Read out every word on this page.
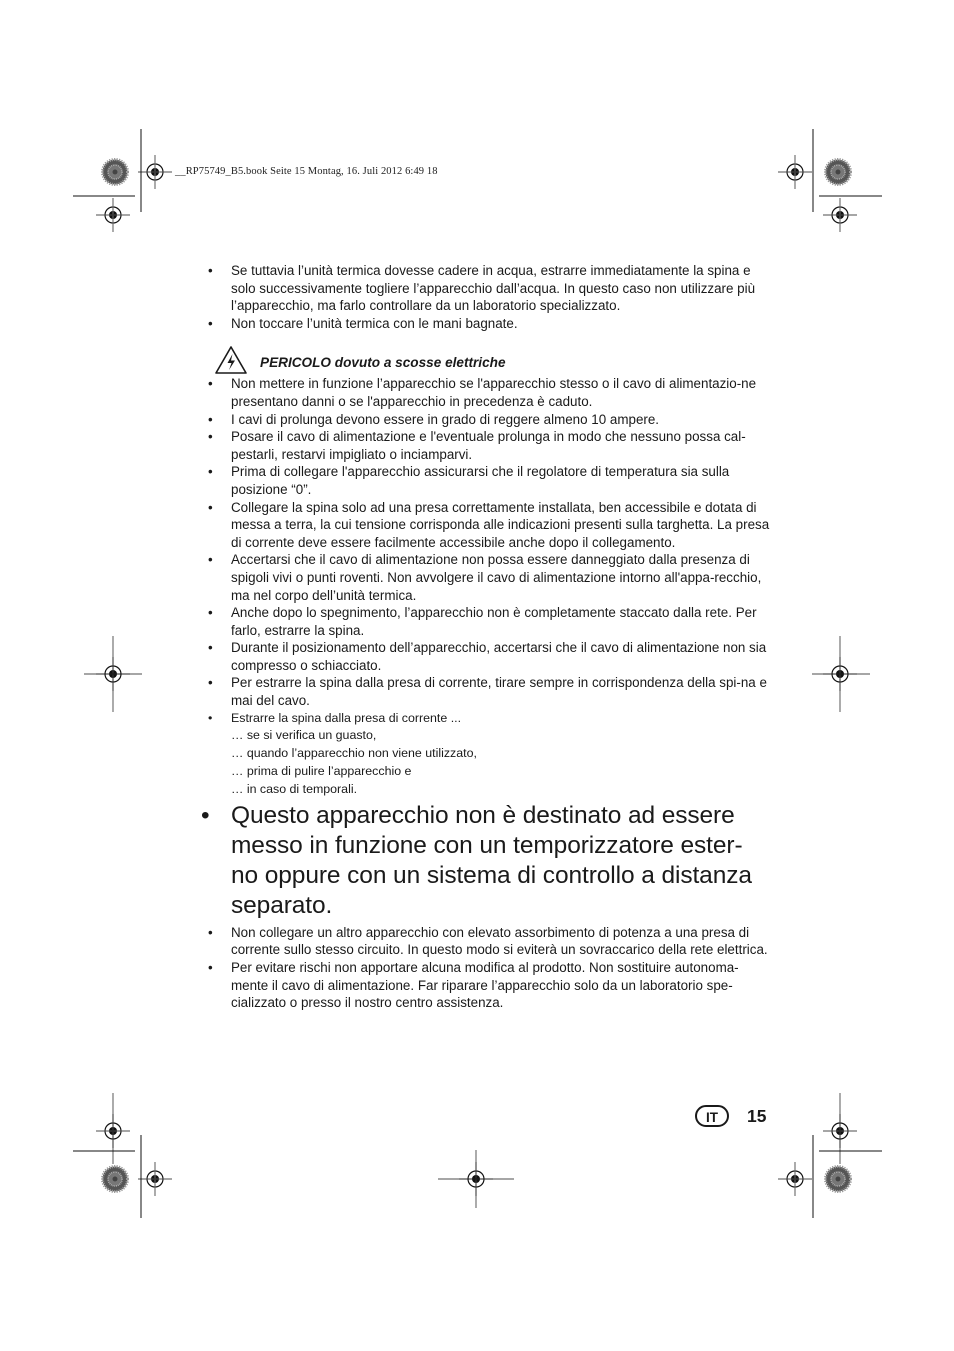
__RP75749_B5.book Seite 15 Montag, 16. Juli 2012 6:49 18
• Se tuttavia l’unità termica dovesse cadere in acqua, estrarre immediatamente la spina e solo successivamente togliere l’apparecchio dall’acqua. In questo caso non utilizzare più l’apparecchio, ma farlo controllare da un laboratorio specializzato.
• Non toccare l’unità termica con le mani bagnate.
PERICOLO dovuto a scosse elettriche
• Non mettere in funzione l’apparecchio se l'apparecchio stesso o il cavo di alimentazio-ne presentano danni o se l'apparecchio in precedenza è caduto.
• I cavi di prolunga devono essere in grado di reggere almeno 10 ampere.
• Posare il cavo di alimentazione e l'eventuale prolunga in modo che nessuno possa cal-pestarli, restarvi impigliato o inciamparvi.
• Prima di collegare l'apparecchio assicurarsi che il regolatore di temperatura sia sulla posizione “0”.
• Collegare la spina solo ad una presa correttamente installata, ben accessibile e dotata di messa a terra, la cui tensione corrisponda alle indicazioni presenti sulla targhetta. La presa di corrente deve essere facilmente accessibile anche dopo il collegamento.
• Accertarsi che il cavo di alimentazione non possa essere danneggiato dalla presenza di spigoli vivi o punti roventi. Non avvolgere il cavo di alimentazione intorno all'appa-recchio, ma nel corpo dell’unità termica.
• Anche dopo lo spegnimento, l’apparecchio non è completamente staccato dalla rete. Per farlo, estrarre la spina.
• Durante il posizionamento dell’apparecchio, accertarsi che il cavo di alimentazione non sia compresso o schiacciato.
• Per estrarre la spina dalla presa di corrente, tirare sempre in corrispondenza della spi-na e mai del cavo.
• Estrarre la spina dalla presa di corrente ...
… se si verifica un guasto,
… quando l’apparecchio non viene utilizzato,
… prima di pulire l’apparecchio e
… in caso di temporali.
• Questo apparecchio non è destinato ad essere
messo in funzione con un temporizzatore ester-
no oppure con un sistema di controllo a distanza
separato.
• Non collegare un altro apparecchio con elevato assorbimento di potenza a una presa di corrente sullo stesso circuito. In questo modo si eviterà un sovraccarico della rete elettrica.
• Per evitare rischi non apportare alcuna modifica al prodotto. Non sostituire autonoma-mente il cavo di alimentazione. Far riparare l’apparecchio solo da un laboratorio spe-cializzato o presso il nostro centro assistenza.
IT	15
